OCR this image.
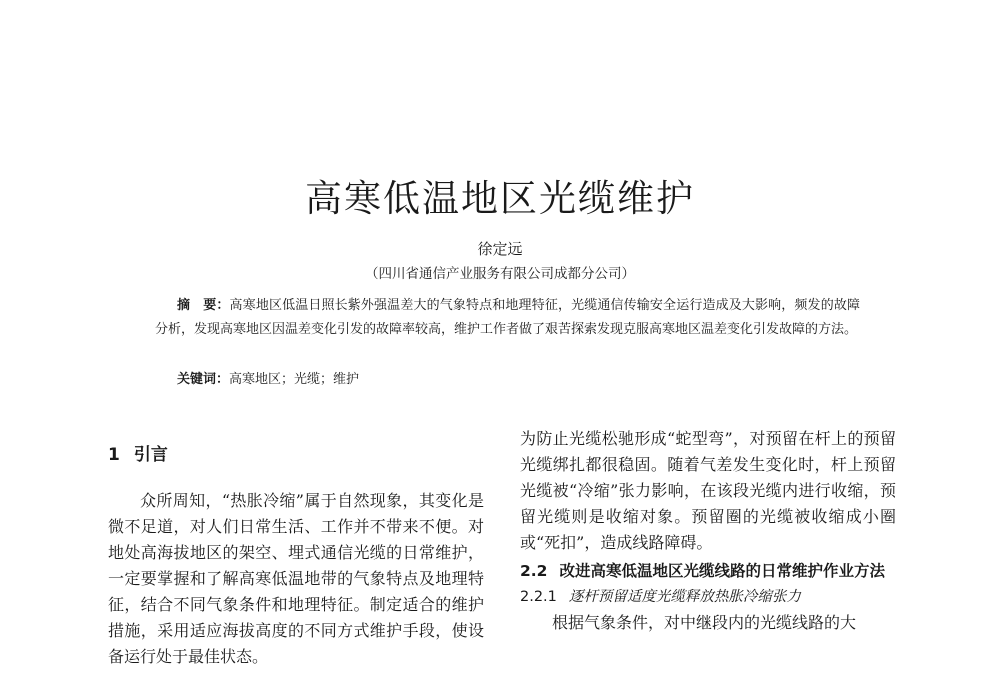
高寒低温地区光缆维护
徐定远
（四川省通信产业服务有限公司成都分公司）
摘　要：高寒地区低温日照长紫外强温差大的气象特点和地理特征，光缆通信传输安全运行造成及大影响，频发的故障分析，发现高寒地区因温差变化引发的故障率较高，维护工作者做了艰苦探索发现克服高寒地区温差变化引发故障的方法。
关键词：高寒地区；光缆；维护
1 引言

众所周知，“热胀冷缩”属于自然现象，其变化是微不足道，对人们日常生活、工作并不带来不便。对地处高海拔地区的架空、埋式通信光缆的日常维护，一定要掌握和了解高寒低温地带的气象特点及地理特征，结合不同气象条件和地理特征。制定适合的维护措施，采用适应海拔高度的不同方式维护手段，使设备运行处于最佳状态。

为防止光缆松驰形成“蛇型弯”，对预留在杆上的预留光缆绑扎都很稳固。随着气差发生变化时，杆上预留光缆被“冷缩”张力影响，在该段光缆内进行收缩，预留光缆则是收缩对象。预留圈的光缆被收缩成小圈或“死扣”，造成线路障碍。

2.2 改进高寒低温地区光缆线路的日常维护作业方法
2.2.1 逐杆预留适度光缆释放热胀冷缩张力

根据气象条件，对中继段内的光缆线路的大
